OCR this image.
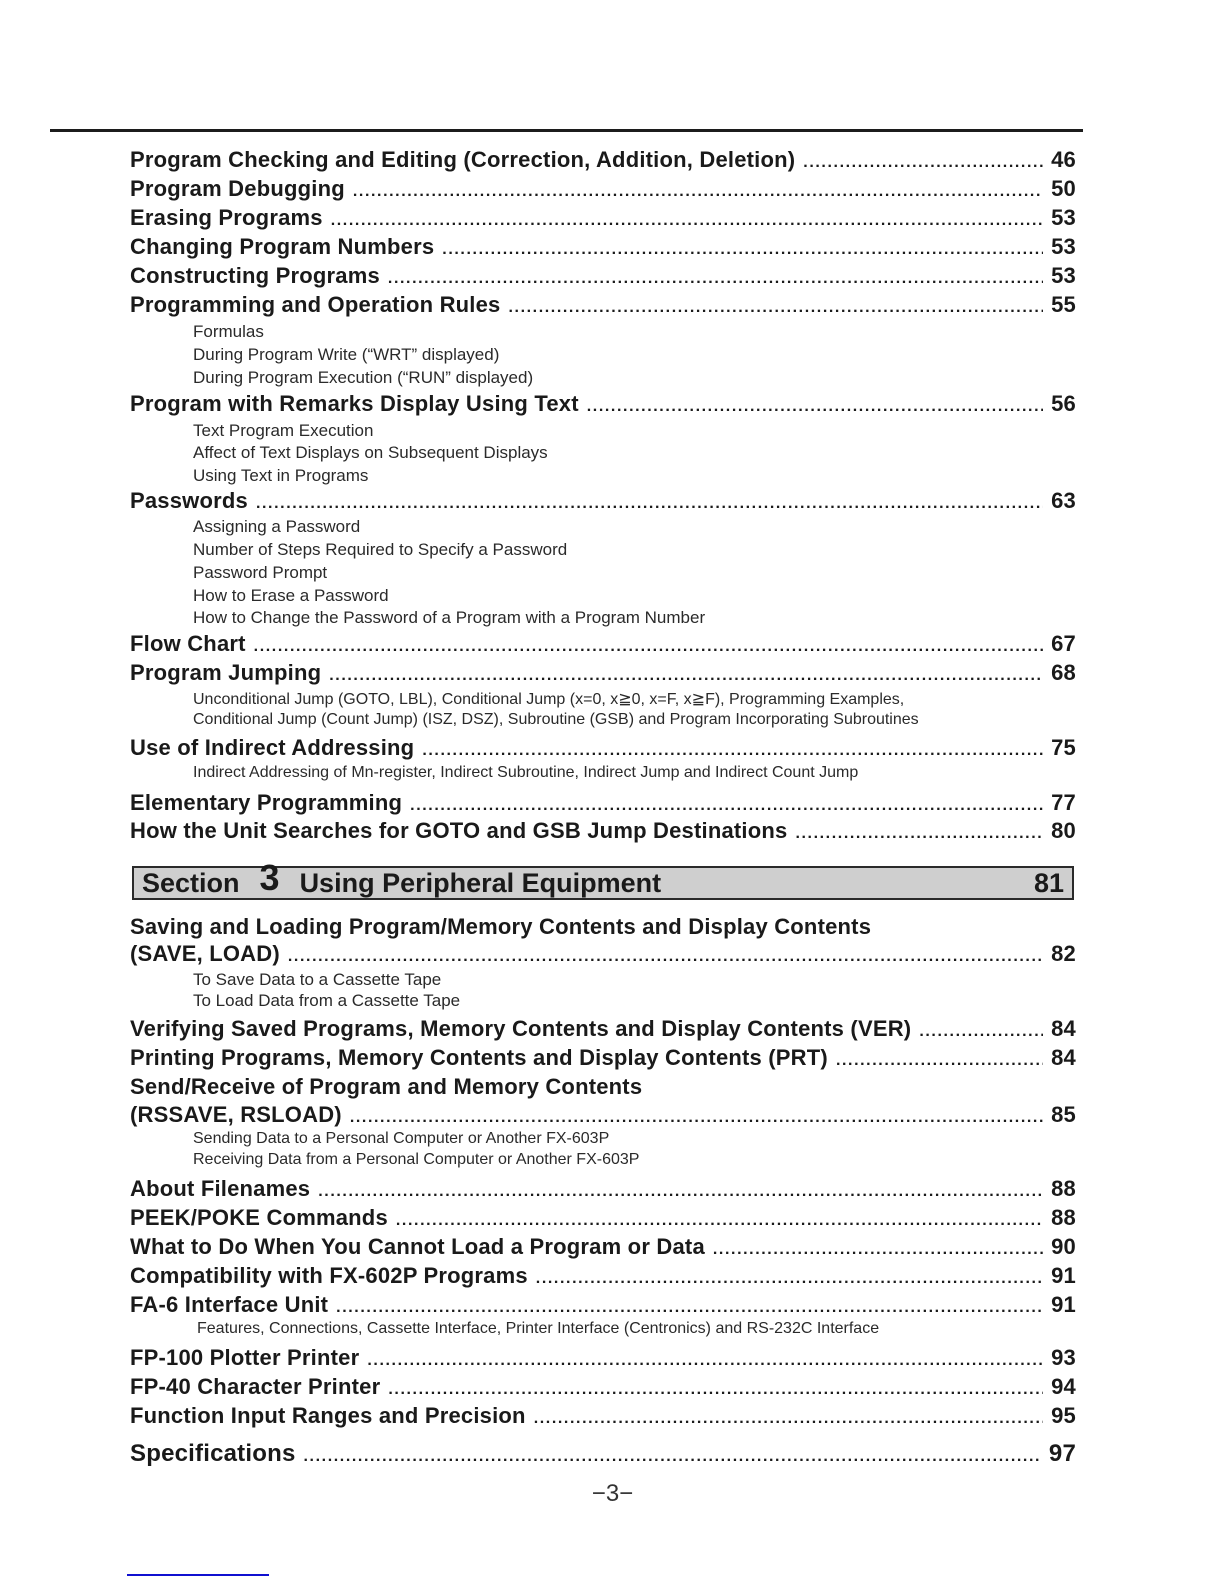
Program Checking and Editing (Correction, Addition, Deletion) .....	46
Program Debugging .....	50
Erasing Programs .....	53
Changing Program Numbers .....	53
Constructing Programs .....	53
Programming and Operation Rules .....	55
Formulas
During Program Write (“WRT” displayed)
During Program Execution (“RUN” displayed)
Program with Remarks Display Using Text .....	56
Text Program Execution
Affect of Text Displays on Subsequent Displays
Using Text in Programs
Passwords .....	63
Assigning a Password
Number of Steps Required to Specify a Password
Password Prompt
How to Erase a Password
How to Change the Password of a Program with a Program Number
Flow Chart .....	67
Program Jumping .....	68
Unconditional Jump (GOTO, LBL), Conditional Jump (x=0, x≧0, x=F, x≧F), Programming Examples,
Conditional Jump (Count Jump) (ISZ, DSZ), Subroutine (GSB) and Program Incorporating Subroutines
Use of Indirect Addressing .....	75
Indirect Addressing of Mn-register, Indirect Subroutine, Indirect Jump and Indirect Count Jump
Elementary Programming .....	77
How the Unit Searches for GOTO and GSB Jump Destinations .....	80
Section 3 Using Peripheral Equipment	81
Saving and Loading Program/Memory Contents and Display Contents
(SAVE, LOAD) .....	82
To Save Data to a Cassette Tape
To Load Data from a Cassette Tape
Verifying Saved Programs, Memory Contents and Display Contents (VER) .....	84
Printing Programs, Memory Contents and Display Contents (PRT) .....	84
Send/Receive of Program and Memory Contents
(RSSAVE, RSLOAD) .....	85
Sending Data to a Personal Computer or Another FX-603P
Receiving Data from a Personal Computer or Another FX-603P
About Filenames .....	88
PEEK/POKE Commands .....	88
What to Do When You Cannot Load a Program or Data .....	90
Compatibility with FX-602P Programs .....	91
FA-6 Interface Unit .....	91
Features, Connections, Cassette Interface, Printer Interface (Centronics) and RS-232C Interface
FP-100 Plotter Printer .....	93
FP-40 Character Printer .....	94
Function Input Ranges and Precision .....	95
Specifications .....	97
−3−
